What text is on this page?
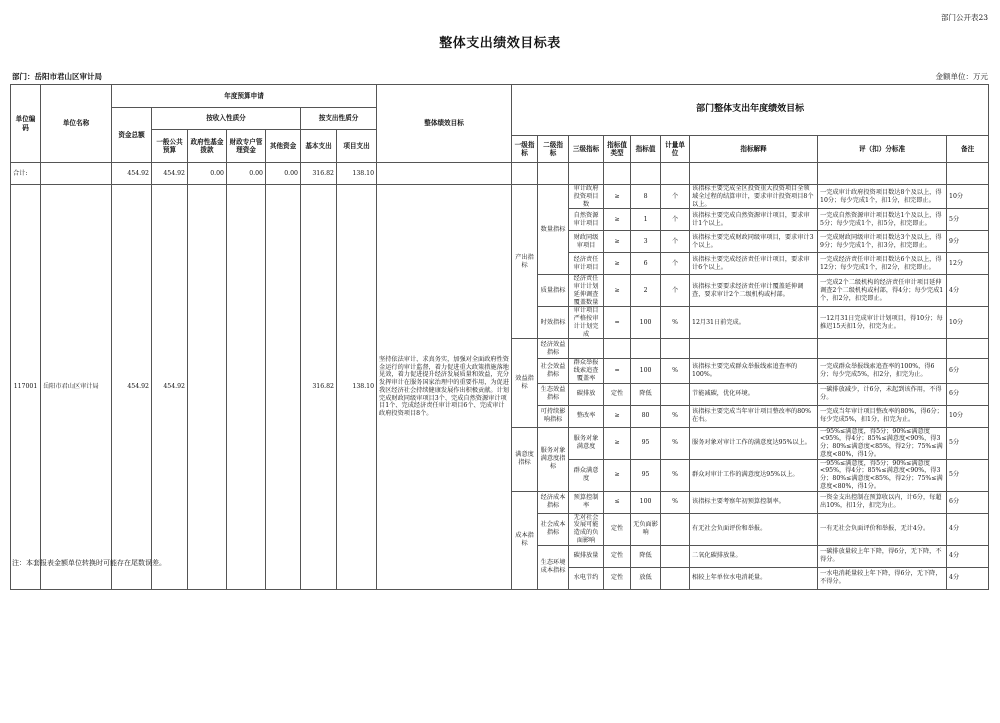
部门公开表23
整体支出绩效目标表
部门：岳阳市君山区审计局	金额单位：万元
单位编码	单位名称	年度预算申请							整体绩效目标	部门整体支出年度绩效目标								
		资金总额	按收入性质分				按支出性质分											
			一般公共预算	政府性基金拨款	财政专户管理资金	其他资金	基本支出	项目支出										
										一级指标	二级指标	三级指标	指标值类型	指标值	计量单位	指标解释	评（扣）分标准	备注
合计:		454.92	454.92	0.00	0.00	0.00	316.82	138.10										
117001	岳阳市君山区审计局	454.92	454.92				316.82	138.10	坚持依法审计、求真务实，加强对全面政府性资金运行的审计监督，着力促进重大政策措施落地见效，着力促进提升经济发展质量和效益，充分发挥审计在服务国家治理中的重要作用，为促进我区经济社会持续健康发展作出积极贡献。计划完成财政同级审项目3个、完成自然资源审计项目1个、完成经济责任审计项目6个、完成审计政府投资项目8个。	产出指标	数量指标	审计政府投资项目数	≥	8	个	该指标主要完成全区投资重大投资项目全领域全过程的结算审计，要求审计投资项目8个以上。	一完成审计政府投资项目数达8个及以上，得10分；每少完成1个，扣1分，扣完即止。	10分
												自然资源审计项目	≥	1	个	该指标主要完成自然资源审计项目，要求审计1个以上。	一完成自然资源审计项目数达1个及以上，得5分；每少完成1个，扣5分，扣完即止。	5分
												财政同级审项目	≥	3	个	该指标主要完成财政同级审项目，要求审计3个以上。	一完成财政同级审计项目数达3个及以上，得9分；每少完成1个，扣3分，扣完即止。	9分
												经济责任审计项目	≥	6	个	该指标主要完成经济责任审计项目，要求审计6个以上。	一完成经济责任审计项目数达6个及以上，得12分；每少完成1个，扣2分，扣完即止。	12分
											质量指标	经济责任审计计划延伸调查覆盖数量	≥	2	个	该指标主要要求经济责任审计覆盖延伸调查，要求审计2个二级机构或村部。	一完成2个二级机构的经济责任审计项目延伸调查2个二级机构或村部，得4分；每少完成1个，扣2分，扣完即止。	4分
											时效指标	审计项目严格按审计计划完成	=	100	%	12月31日前完成。	一12月31日完成审计计划项目，得10分；每推迟15天扣1分，扣完为止。	10分
										效益指标	经济效益指标							
											社会效益指标	群众举报线索追查覆盖率	=	100	%	该指标主要完成群众举报线索追查率的100%。	一完成群众举报线索追查率的100%，得6分；每少完成5%，扣2分，扣完为止。	6分
											生态效益指标	碳排放	定性	降低		节能减碳，优化环境。	一碳排放减少，计6分，未起到该作用，不得分。	6分
											可持续影响指标	整改率	≥	80	%	该指标主要完成当年审计项目整改率的80%在右。	一完成当年审计项目整改率的80%，得6分；每少完成5%，扣1分，扣完为止。	10分
										满意度指标	服务对象满意度指标	服务对象满意度	≥	95	%	服务对象对审计工作的满意度达95%以上。	一95%≤满意度，得5分；90%≤满意度<95%，得4分；85%≤满意度<90%，得3分；80%≤满意度<85%，得2分；75%≤满意度<80%，得1分。	5分
												群众满意度	≥	95	%	群众对审计工作的满意度达95%以上。	一95%≤满意度，得5分；90%≤满意度<95%，得4分；85%≤满意度<90%，得3分；80%≤满意度<85%，得2分；75%≤满意度<80%，得1分。	5分
										成本指标	经济成本指标	预算控制率	≤	100	%	该指标主要考察年初预算控制率。	一资金支出控制在预算收以内，计6分，每超出10%，扣1分，扣完为止。	6分
											社会成本指标	无对社会发展可能造成的负面影响	定性	无负面影响		有无社会负面评价和举报。	一有无社会负面评价和举报，无计4分。	4分
											生态环境成本指标	碳排放量	定性	降低		二氧化碳排放量。	一碳排放量较上年下降，得6分，无下降，不得分。	4分
												水电节约	定性	放低		相较上年单位水电消耗量。	一水电消耗量较上年下降，得6分，无下降，不得分。	4分
注：本套报表金额单位转换时可能存在尾数误差。
